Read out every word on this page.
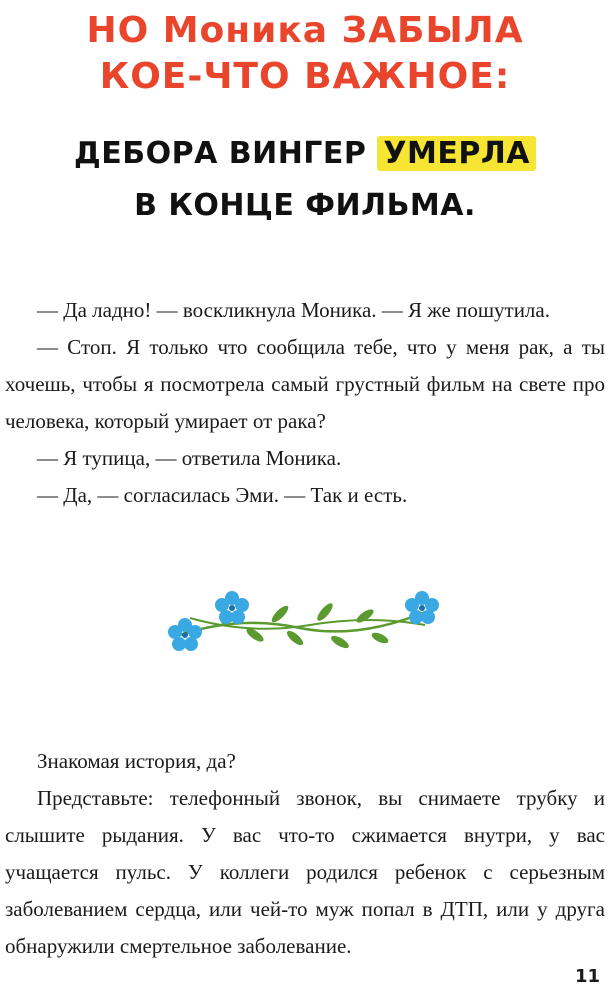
НО Моника ЗАБЫЛА
КОЕ-ЧТО ВАЖНОЕ:
ДЕБОРА ВИНГЕР УМЕРЛА
В КОНЦЕ ФИЛЬМА.

— Да ладно! — воскликнула Моника. — Я же пошутила.

— Стоп. Я только что сообщила тебе, что у меня рак, а ты хочешь, чтобы я посмотрела самый грустный фильм на свете про человека, который умирает от рака?

— Я тупица, — ответила Моника.

— Да, — согласилась Эми. — Так и есть.

Знакомая история, да?

Представьте: телефонный звонок, вы снимаете трубку и слышите рыдания. У вас что-то сжимается внутри, у вас учащается пульс. У коллеги родился ребенок с серьезным заболеванием сердца, или чей-то муж попал в ДТП, или у друга обнаружили смертельное заболевание.

11
